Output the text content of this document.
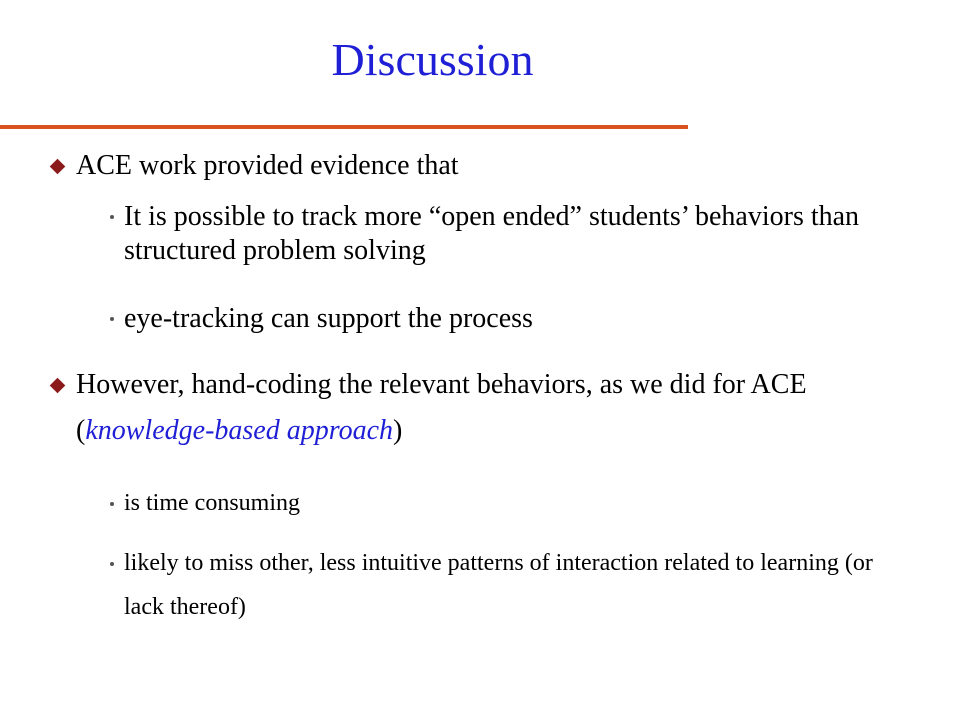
Discussion
ACE work provided evidence that
It is possible to track more “open ended” students’ behaviors than structured problem solving
eye-tracking can support the process
However, hand-coding the relevant behaviors, as we did for ACE (knowledge-based approach)
is time consuming
likely to miss other, less intuitive patterns of interaction related to learning (or lack thereof)
